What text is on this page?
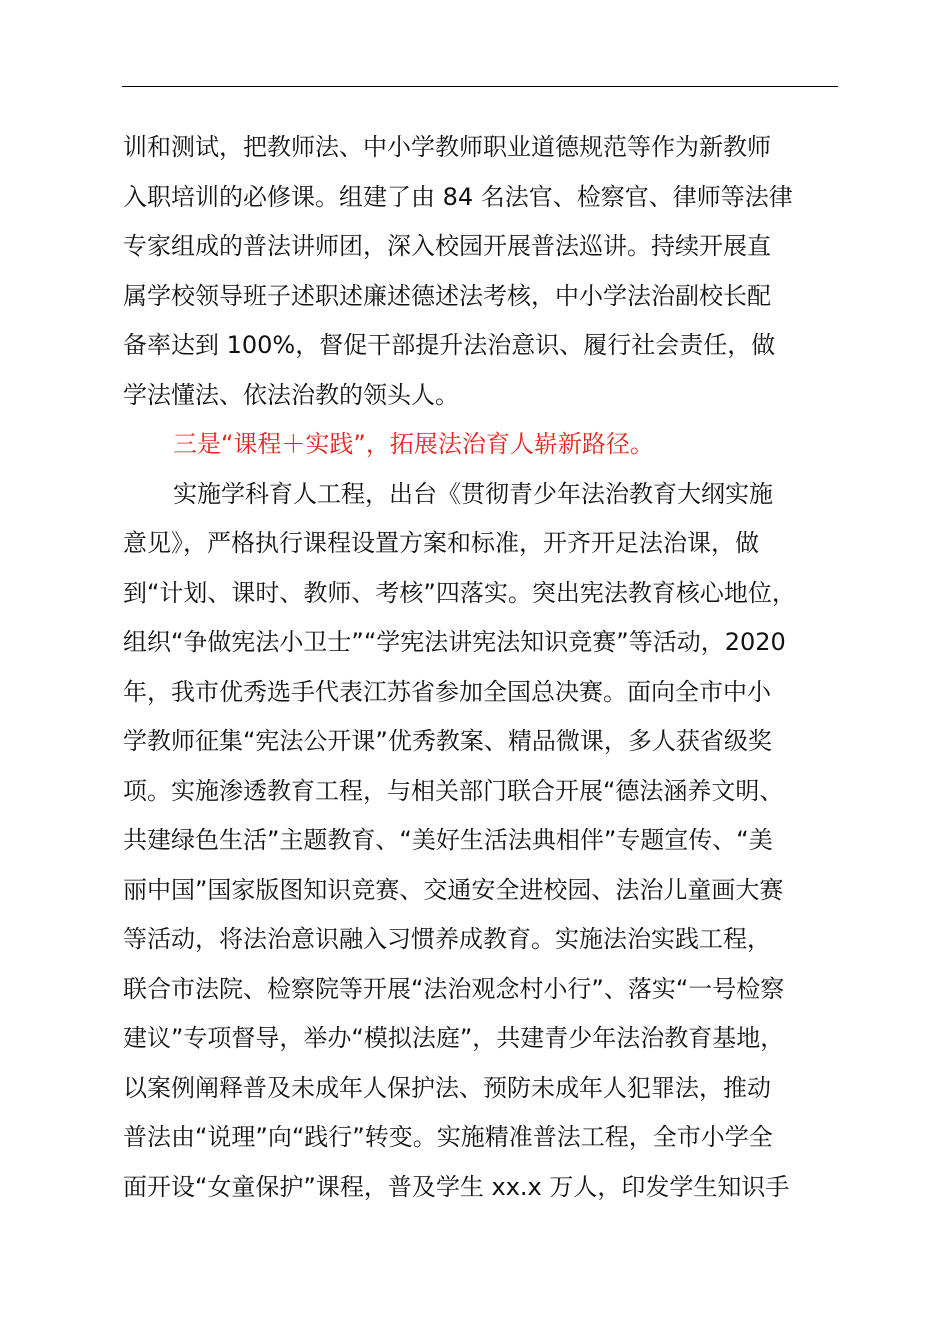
训和测试，把教师法、中小学教师职业道德规范等作为新教师
入职培训的必修课。组建了由 84 名法官、检察官、律师等法律
专家组成的普法讲师团，深入校园开展普法巡讲。持续开展直
属学校领导班子述职述廉述德述法考核，中小学法治副校长配
备率达到 100%，督促干部提升法治意识、履行社会责任，做
学法懂法、依法治教的领头人。
三是“课程＋实践”，拓展法治育人崭新路径。
实施学科育人工程，出台《贯彻青少年法治教育大纲实施
意见》，严格执行课程设置方案和标准，开齐开足法治课，做
到“计划、课时、教师、考核”四落实。突出宪法教育核心地位，
组织“争做宪法小卫士”“学宪法讲宪法知识竞赛”等活动，2020
年，我市优秀选手代表江苏省参加全国总决赛。面向全市中小
学教师征集“宪法公开课”优秀教案、精品微课，多人获省级奖
项。实施渗透教育工程，与相关部门联合开展“德法涵养文明、
共建绿色生活”主题教育、“美好生活法典相伴”专题宣传、“美
丽中国”国家版图知识竞赛、交通安全进校园、法治儿童画大赛
等活动，将法治意识融入习惯养成教育。实施法治实践工程，
联合市法院、检察院等开展“法治观念村小行”、落实“一号检察
建议”专项督导，举办“模拟法庭”，共建青少年法治教育基地，
以案例阐释普及未成年人保护法、预防未成年人犯罪法，推动
普法由“说理”向“践行”转变。实施精准普法工程，全市小学全
面开设“女童保护”课程，普及学生 xx.x 万人，印发学生知识手
